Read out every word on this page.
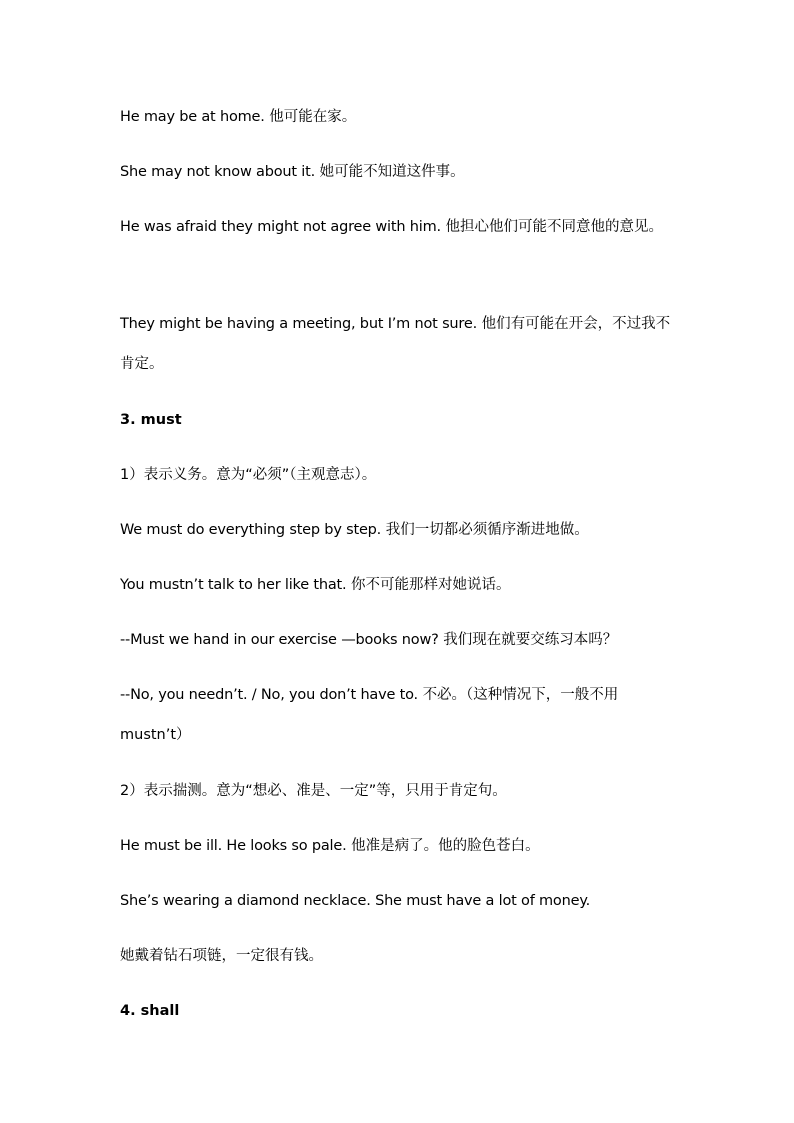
He may be at home. 他可能在家。
She may not know about it. 她可能不知道这件事。
He was afraid they might not agree with him. 他担心他们可能不同意他的意见。
They might be having a meeting, but I’m not sure. 他们有可能在开会，不过我不肯定。
3. must
1）表示义务。意为“必须”（主观意志）。
We must do everything step by step. 我们一切都必须循序渐进地做。
You mustn’t talk to her like that. 你不可能那样对她说话。
--Must we hand in our exercise —books now? 我们现在就要交练习本吗？
--No, you needn’t. / No, you don’t have to. 不必。（这种情况下，一般不用mustn’t）
2）表示揣测。意为“想必、准是、一定”等，只用于肯定句。
He must be ill. He looks so pale. 他准是病了。他的脸色苍白。
She’s wearing a diamond necklace. She must have a lot of money.
她戴着钻石项链，一定很有钱。
4. shall
